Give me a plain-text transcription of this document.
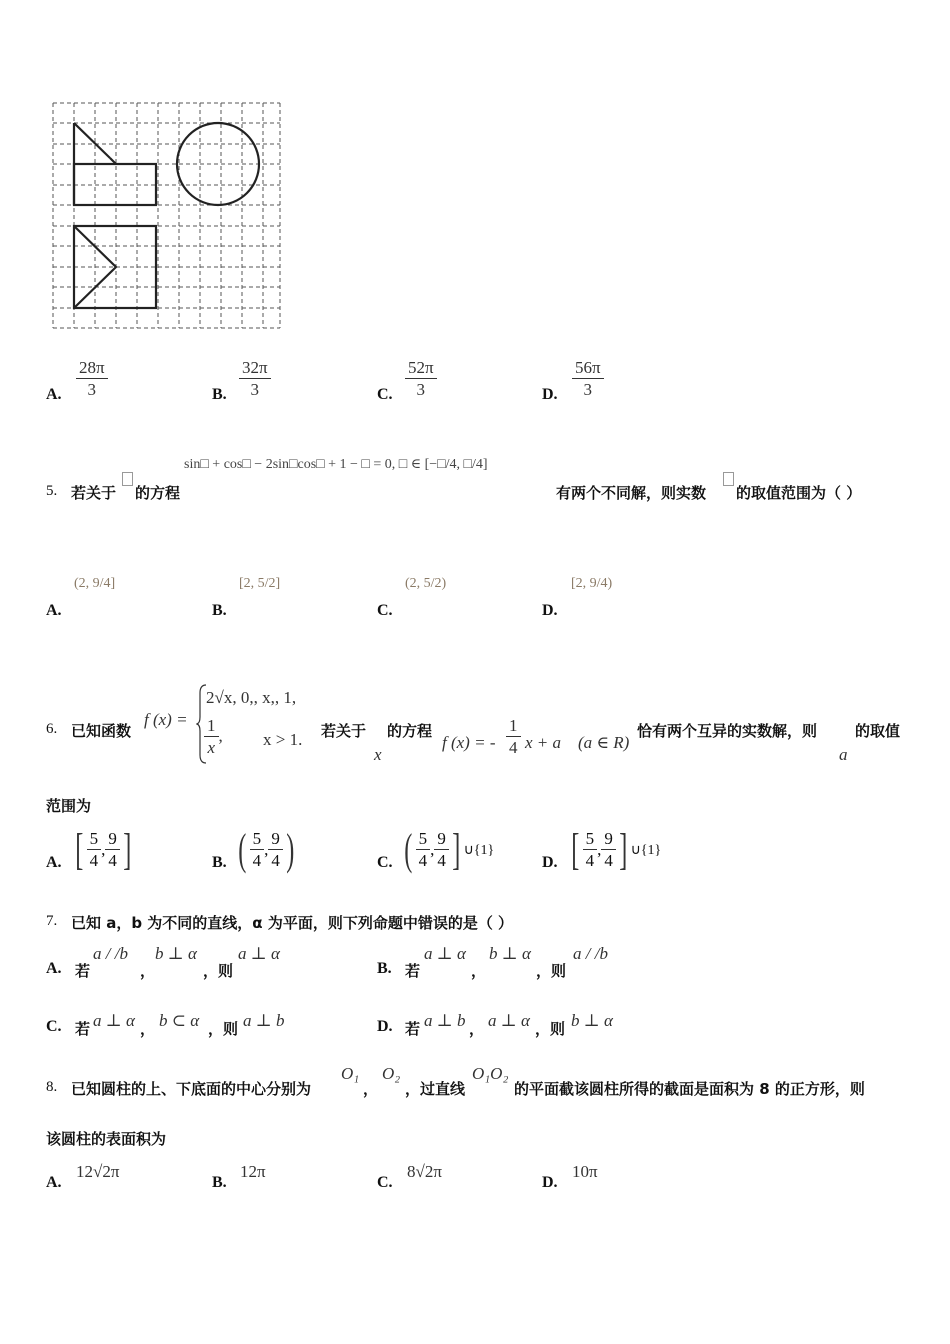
A. $\frac{28\pi}{3}$	B. $\frac{32\pi}{3}$	C. $\frac{52\pi}{3}$	D. $\frac{56\pi}{3}$
5. 若关于 的方程
sin□ + cos□ − 2sin□cos□ + 1 − □ = 0, □ ∈ [−□/4, □/4]
有两个不同解，则实数 的取值范围为（ ）
A.
(2, 9/4]
B.
[2, 5/2]
C.
(2, 5/2)
D.
[2, 9/4)
6. 已知函数
f (x) =
2√x, 0,, x,, 1,
$\frac{1}{x}$ , x > 1. 若关于
x
的方程
f (x) = - $\frac{1}{4}$ x + a (a ∈ R)
恰有两个互异的实数解，则
a
的取值
范围为
A. [ $\frac{5}{4}$ , $\frac{9}{4}$ ]	B. ( $\frac{5}{4}$ , $\frac{9}{4}$ )	C. ( $\frac{5}{4}$ , $\frac{9}{4}$ ] ∪{1}
D. [ $\frac{5}{4}$ , $\frac{9}{4}$ ] ∪{1}
7. 已知 a，b 为不同的直线，α 为平面，则下列命题中错误的是（ ）
A. 若
a / /b
，
b ⊥ α
，则
a ⊥ α
B. 若
a ⊥ α
，
b ⊥ α
，则
a / /b
C. 若 a ⊥ α ， b ⊂ α ，则 a ⊥ b	D. 若 a ⊥ b ， a ⊥ α ，则 b ⊥ α
8. 已知圆柱的上、下底面的中心分别为
O₁
，
O₂
，过直线
O₁O₂
的平面截该圆柱所得的截面是面积为 8 的正方形，则
该圆柱的表面积为
A.
12√2π
B.
12π
C.
8√2π
D.
10π
